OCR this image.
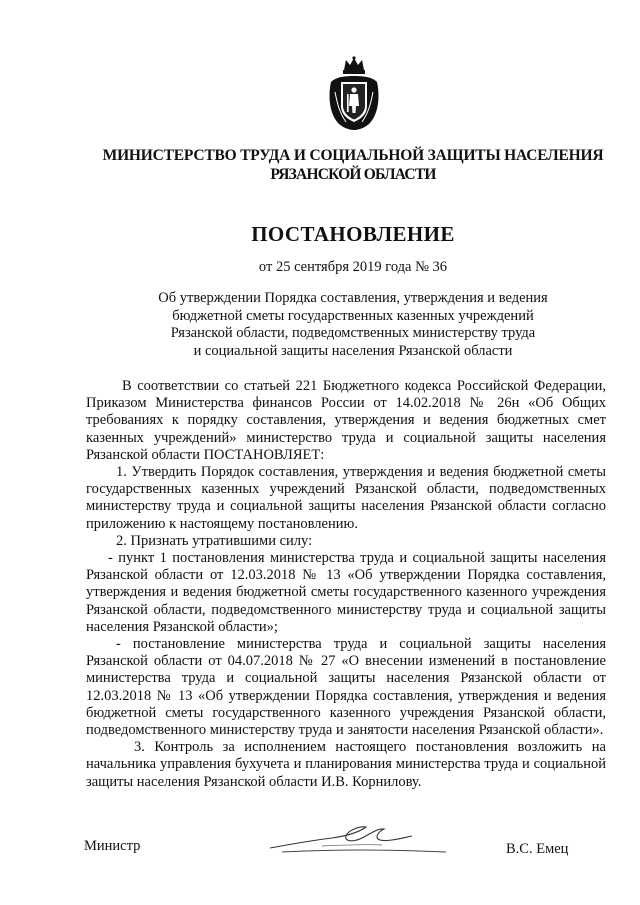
МИНИСТЕРСТВО ТРУДА И СОЦИАЛЬНОЙ ЗАЩИТЫ НАСЕЛЕНИЯ
РЯЗАНСКОЙ ОБЛАСТИ
ПОСТАНОВЛЕНИЕ
от 25 сентября 2019 года № 36
Об утверждении Порядка составления, утверждения и ведения
бюджетной сметы государственных казенных учреждений
Рязанской области, подведомственных министерству труда
и социальной защиты населения Рязанской области

В соответствии со статьей 221 Бюджетного кодекса Российской Федерации, Приказом Министерства финансов России от 14.02.2018 № 26н «Об Общих требованиях к порядку составления, утверждения и ведения бюджетных смет казенных учреждений» министерство труда и социальной защиты населения Рязанской области ПОСТАНОВЛЯЕТ:

1. Утвердить Порядок составления, утверждения и ведения бюджетной сметы государственных казенных учреждений Рязанской области, подведомственных министерству труда и социальной защиты населения Рязанской области согласно приложению к настоящему постановлению.

2. Признать утратившими силу:

- пункт 1 постановления министерства труда и социальной защиты населения Рязанской области от 12.03.2018 № 13 «Об утверждении Порядка составления, утверждения и ведения бюджетной сметы государственного казенного учреждения Рязанской области, подведомственного министерству труда и социальной защиты населения Рязанской области»;

- постановление министерства труда и социальной защиты населения Рязанской области от 04.07.2018 № 27 «О внесении изменений в постановление министерства труда и социальной защиты населения Рязанской области от 12.03.2018 № 13 «Об утверждении Порядка составления, утверждения и ведения бюджетной сметы государственного казенного учреждения Рязанской области, подведомственного министерству труда и занятости населения Рязанской области».

3. Контроль за исполнением настоящего постановления возложить на начальника управления бухучета и планирования министерства труда и социальной защиты населения Рязанской области И.В. Корнилову.

Министр	В.С. Емец
